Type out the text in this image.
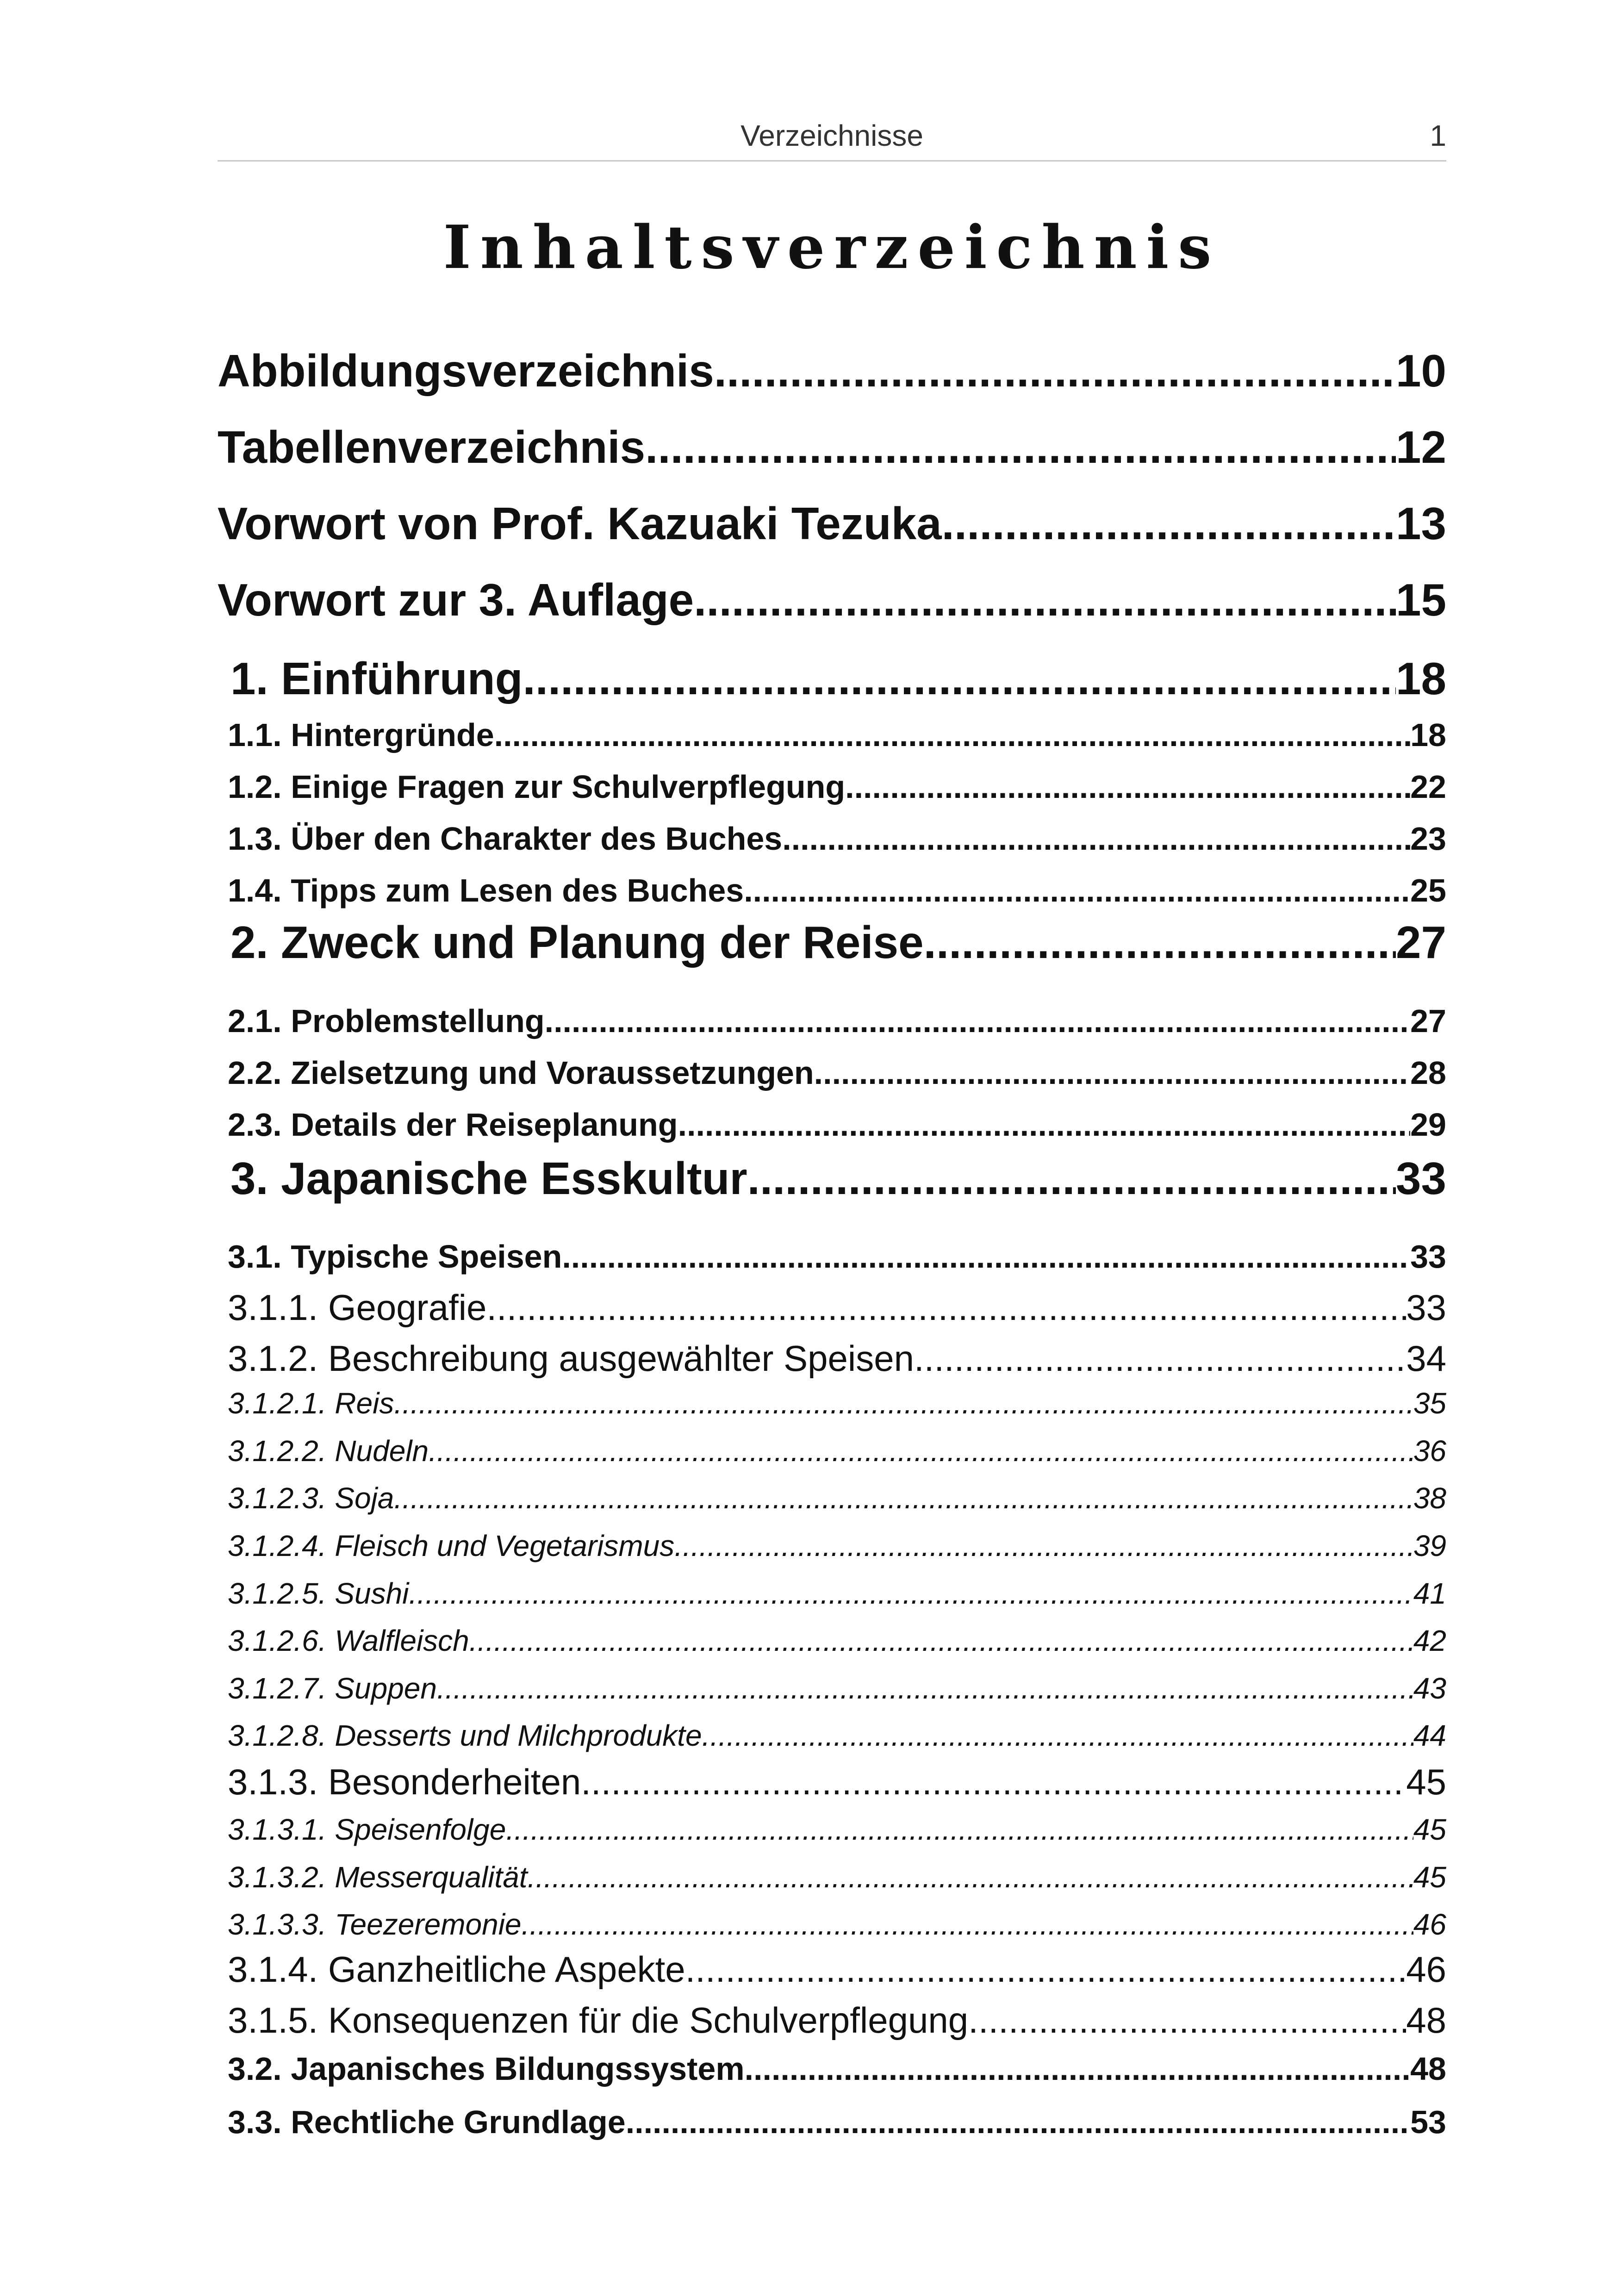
Verzeichnisse	1
Inhaltsverzeichnis
Abbildungsverzeichnis .....	10
Tabellenverzeichnis .....	12
Vorwort von Prof. Kazuaki Tezuka .....	13
Vorwort zur 3. Auflage .....	15
1. Einführung .....	18
1.1. Hintergründe .....	18
1.2. Einige Fragen zur Schulverpflegung .....	22
1.3. Über den Charakter des Buches .....	23
1.4. Tipps zum Lesen des Buches .....	25
2. Zweck und Planung der Reise .....	27
2.1. Problemstellung .....	27
2.2. Zielsetzung und Voraussetzungen .....	28
2.3. Details der Reiseplanung .....	29
3. Japanische Esskultur .....	33
3.1. Typische Speisen .....	33
3.1.1. Geografie .....	33
3.1.2. Beschreibung ausgewählter Speisen .....	34
3.1.2.1. Reis .....	35
3.1.2.2. Nudeln .....	36
3.1.2.3. Soja .....	38
3.1.2.4. Fleisch und Vegetarismus .....	39
3.1.2.5. Sushi .....	41
3.1.2.6. Walfleisch .....	42
3.1.2.7. Suppen .....	43
3.1.2.8. Desserts und Milchprodukte .....	44
3.1.3. Besonderheiten .....	45
3.1.3.1. Speisenfolge .....	45
3.1.3.2. Messerqualität .....	45
3.1.3.3. Teezeremonie .....	46
3.1.4. Ganzheitliche Aspekte .....	46
3.1.5. Konsequenzen für die Schulverpflegung .....	48
3.2. Japanisches Bildungssystem .....	48
3.3. Rechtliche Grundlage .....	53
